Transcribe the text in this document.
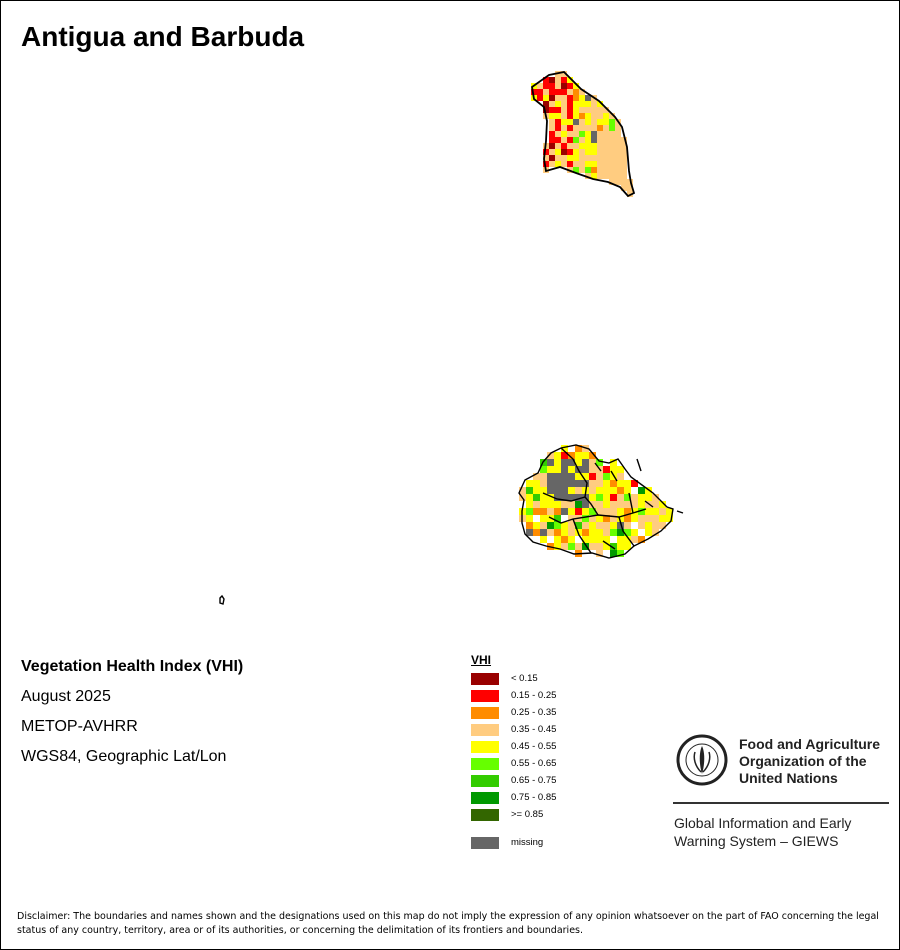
Antigua and Barbuda
Vegetation Health Index (VHI)
August 2025
METOP-AVHRR
WGS84, Geographic Lat/Lon
VHI
< 0.15
0.15 - 0.25
0.25 - 0.35
0.35 - 0.45
0.45 - 0.55
0.55 - 0.65
0.65 - 0.75
0.75 - 0.85
>= 0.85
missing
Food and Agriculture
Organization of the
United Nations
Global Information and Early
Warning System – GIEWS
Disclaimer: The boundaries and names shown and the designations used on this map do not imply the expression of any opinion whatsoever on the part of FAO concerning the legal status of any country, territory, area or of its authorities, or concerning the delimitation of its frontiers and boundaries.
